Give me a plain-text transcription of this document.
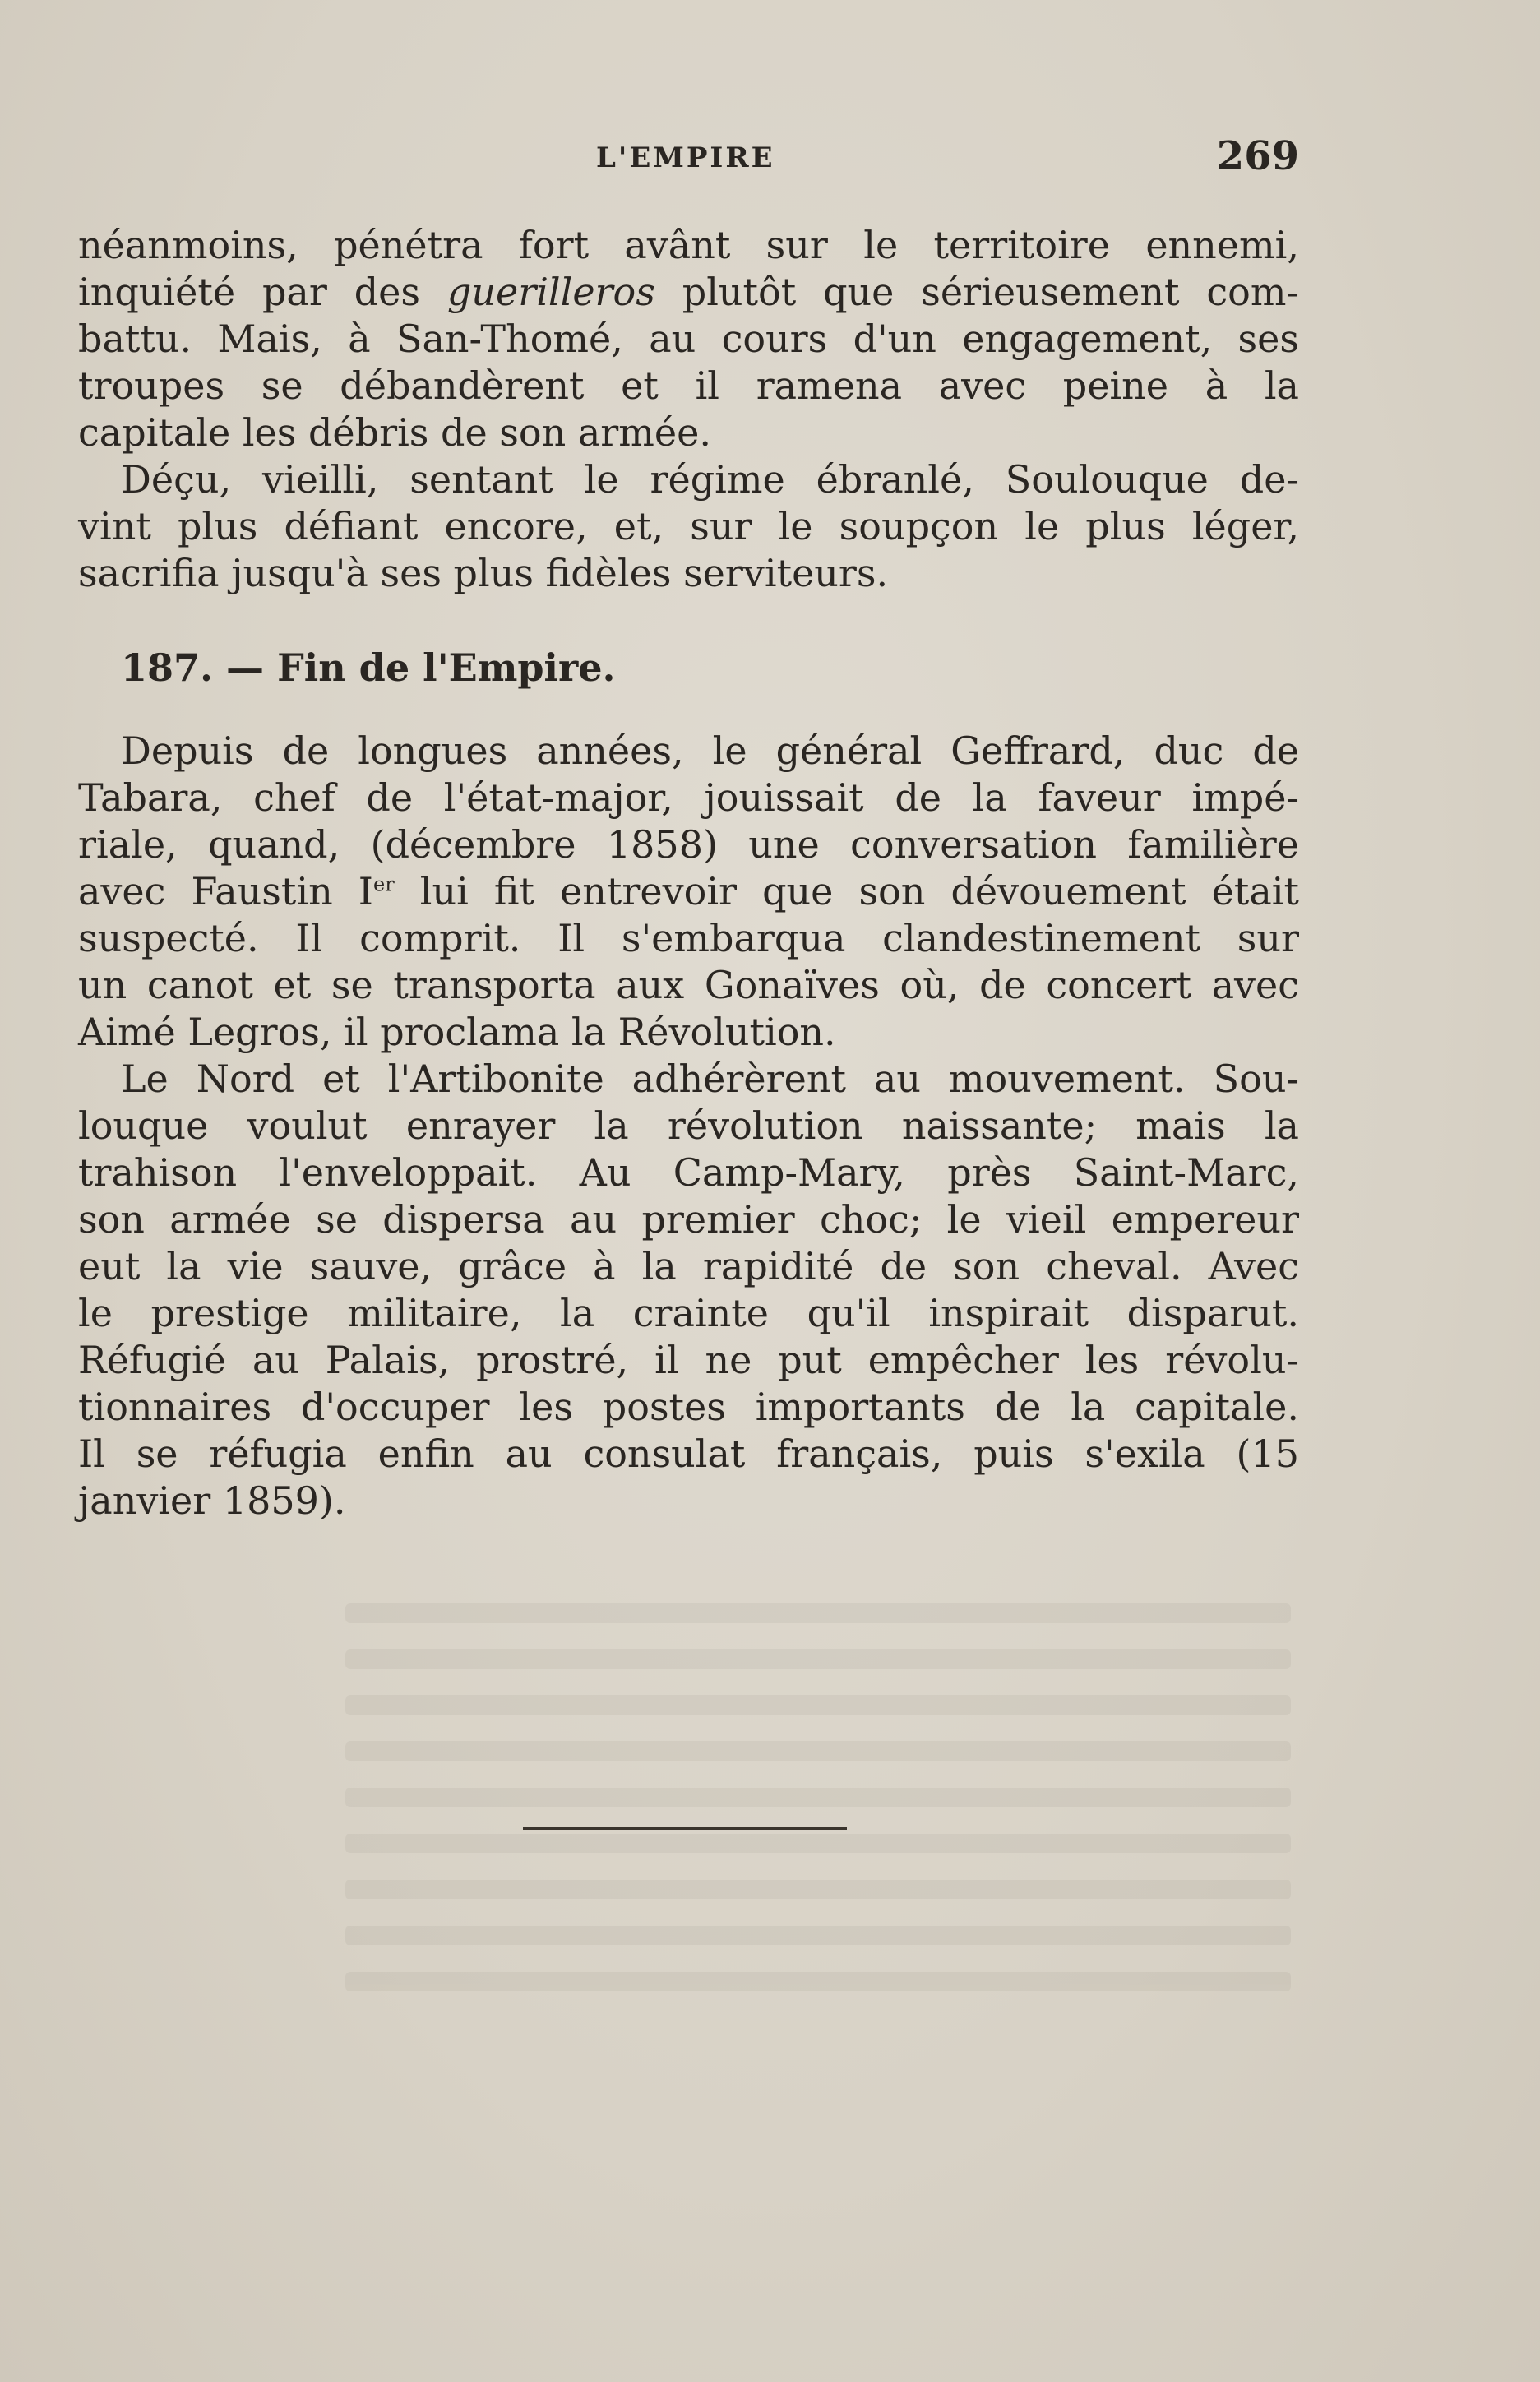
L'EMPIRE	269
néanmoins, pénétra fort avânt sur le territoire ennemi,
inquiété par des guerilleros plutôt que sérieusement com-
battu. Mais, à San-Thomé, au cours d'un engagement, ses
troupes se débandèrent et il ramena avec peine à la
capitale les débris de son armée.
Déçu, vieilli, sentant le régime ébranlé, Soulouque de-
vint plus défiant encore, et, sur le soupçon le plus léger,
sacrifia jusqu'à ses plus fidèles serviteurs.
187. — Fin de l'Empire.
Depuis de longues années, le général Geffrard, duc de
Tabara, chef de l'état-major, jouissait de la faveur impé-
riale, quand, (décembre 1858) une conversation familière
avec Faustin Ier lui fit entrevoir que son dévouement était
suspecté. Il comprit. Il s'embarqua clandestinement sur
un canot et se transporta aux Gonaïves où, de concert avec
Aimé Legros, il proclama la Révolution.
Le Nord et l'Artibonite adhérèrent au mouvement. Sou-
louque voulut enrayer la révolution naissante; mais la
trahison l'enveloppait. Au Camp-Mary, près Saint-Marc,
son armée se dispersa au premier choc; le vieil empereur
eut la vie sauve, grâce à la rapidité de son cheval. Avec
le prestige militaire, la crainte qu'il inspirait disparut.
Réfugié au Palais, prostré, il ne put empêcher les révolu-
tionnaires d'occuper les postes importants de la capitale.
Il se réfugia enfin au consulat français, puis s'exila (15
janvier 1859).
